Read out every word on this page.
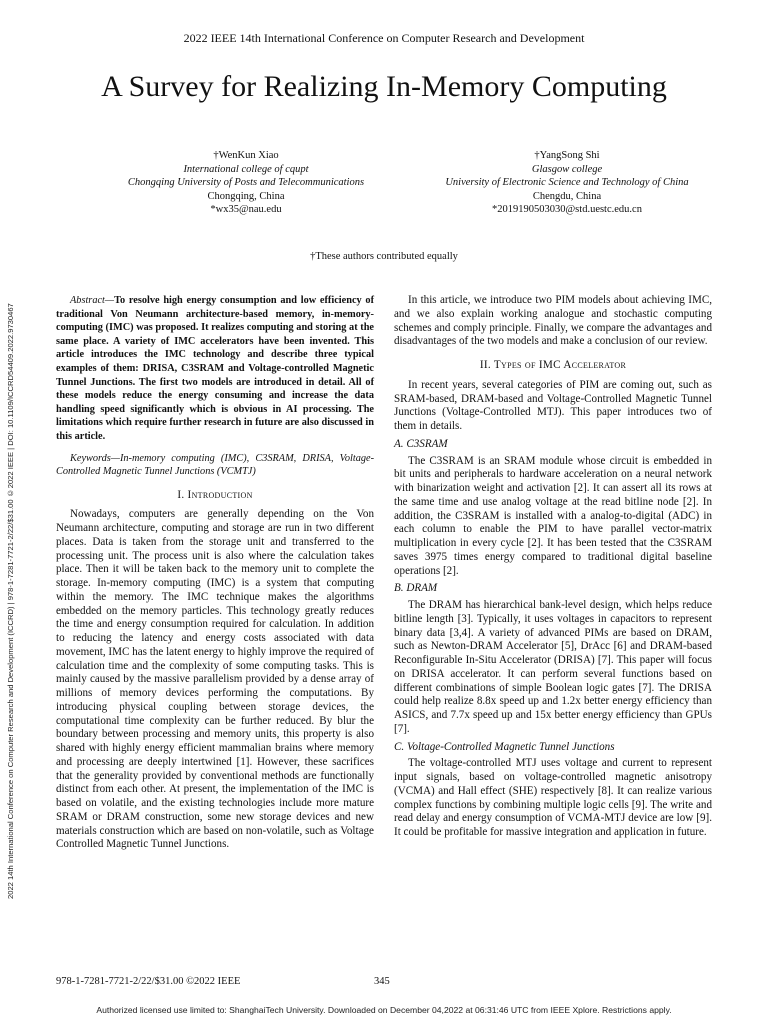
2022 IEEE 14th International Conference on Computer Research and Development
A Survey for Realizing In-Memory Computing
†WenKun Xiao
International college of cqupt
Chongqing University of Posts and Telecommunications
Chongqing, China
*wx35@nau.edu
†YangSong Shi
Glasgow college
University of Electronic Science and Technology of China
Chengdu, China
*2019190503030@std.uestc.edu.cn
†These authors contributed equally
2022 14th International Conference on Computer Research and Development (ICCRD) | 978-1-7281-7721-2/22/$31.00 ©2022 IEEE | DOI: 10.1109/ICCRD54409.2022.9730467

Abstract—To resolve high energy consumption and low efficiency of traditional Von Neumann architecture-based memory, in-memory-computing (IMC) was proposed. It realizes computing and storing at the same place. A variety of IMC accelerators have been invented. This article introduces the IMC technology and describe three typical examples of them: DRISA, C3SRAM and Voltage-controlled Magnetic Tunnel Junctions. The first two models are introduced in detail. All of these models reduce the energy consuming and increase the data handling speed significantly which is obvious in AI processing. The limitations which require further research in future are also discussed in this article.

Keywords—In-memory computing (IMC), C3SRAM, DRISA, Voltage-Controlled Magnetic Tunnel Junctions (VCMTJ)

I. Introduction

Nowadays, computers are generally depending on the Von Neumann architecture, computing and storage are run in two different places. Data is taken from the storage unit and transferred to the processing unit. The process unit is also where the calculation takes place. Then it will be taken back to the memory unit to complete the storage. In-memory computing (IMC) is a system that computing within the memory. The IMC technique makes the algorithms embedded on the memory particles. This technology greatly reduces the time and energy consumption required for calculation. In addition to reducing the latency and energy costs associated with data movement, IMC has the latent energy to highly improve the required of calculation time and the complexity of some computing tasks. This is mainly caused by the massive parallelism provided by a dense array of millions of memory devices performing the computations. By introducing physical coupling between storage devices, the computational time complexity can be further reduced. By blur the boundary between processing and memory units, this property is also shared with highly energy efficient mammalian brains where memory and processing are deeply intertwined [1]. However, these sacrifices that the generality provided by conventional methods are functionally distinct from each other. At present, the implementation of the IMC is based on volatile, and the existing technologies include more mature SRAM or DRAM construction, some new storage devices and new materials construction which are based on non-volatile, such as Voltage Controlled Magnetic Tunnel Junctions.

In this article, we introduce two PIM models about achieving IMC, and we also explain working analogue and stochastic computing schemes and comply principle. Finally, we compare the advantages and disadvantages of the two models and make a conclusion of our review.

II. Types of IMC Accelerator

In recent years, several categories of PIM are coming out, such as SRAM-based, DRAM-based and Voltage-Controlled Magnetic Tunnel Junctions (Voltage-Controlled MTJ). This paper introduces two of them in details.

A. C3SRAM

The C3SRAM is an SRAM module whose circuit is embedded in bit units and peripherals to hardware acceleration on a neural network with binarization weight and activation [2]. It can assert all its rows at the same time and use analog voltage at the read bitline node [2]. In addition, the C3SRAM is installed with a analog-to-digital (ADC) in each column to enable the PIM to have parallel vector-matrix multiplication in every cycle [2]. It has been tested that the C3SRAM saves 3975 times energy compared to traditional digital baseline operations [2].

B. DRAM

The DRAM has hierarchical bank-level design, which helps reduce bitline length [3]. Typically, it uses voltages in capacitors to represent binary data [3,4]. A variety of advanced PIMs are based on DRAM, such as Newton-DRAM Accelerator [5], DrAcc [6] and DRAM-based Reconfigurable In-Situ Accelerator (DRISA) [7]. This paper will focus on DRISA accelerator. It can perform several functions based on different combinations of simple Boolean logic gates [7]. The DRISA could help realize 8.8x speed up and 1.2x better energy efficiency than ASICS, and 7.7x speed up and 15x better energy efficiency than GPUs [7].

C. Voltage-Controlled Magnetic Tunnel Junctions

The voltage-controlled MTJ uses voltage and current to represent input signals, based on voltage-controlled magnetic anisotropy (VCMA) and Hall effect (SHE) respectively [8]. It can realize various complex functions by combining multiple logic cells [9]. The write and read delay and energy consumption of VCMA-MTJ device are low [9]. It could be profitable for massive integration and application in future.

978-1-7281-7721-2/22/$31.00 ©2022 IEEE	345
Authorized licensed use limited to: ShanghaiTech University. Downloaded on December 04,2022 at 06:31:46 UTC from IEEE Xplore. Restrictions apply.
